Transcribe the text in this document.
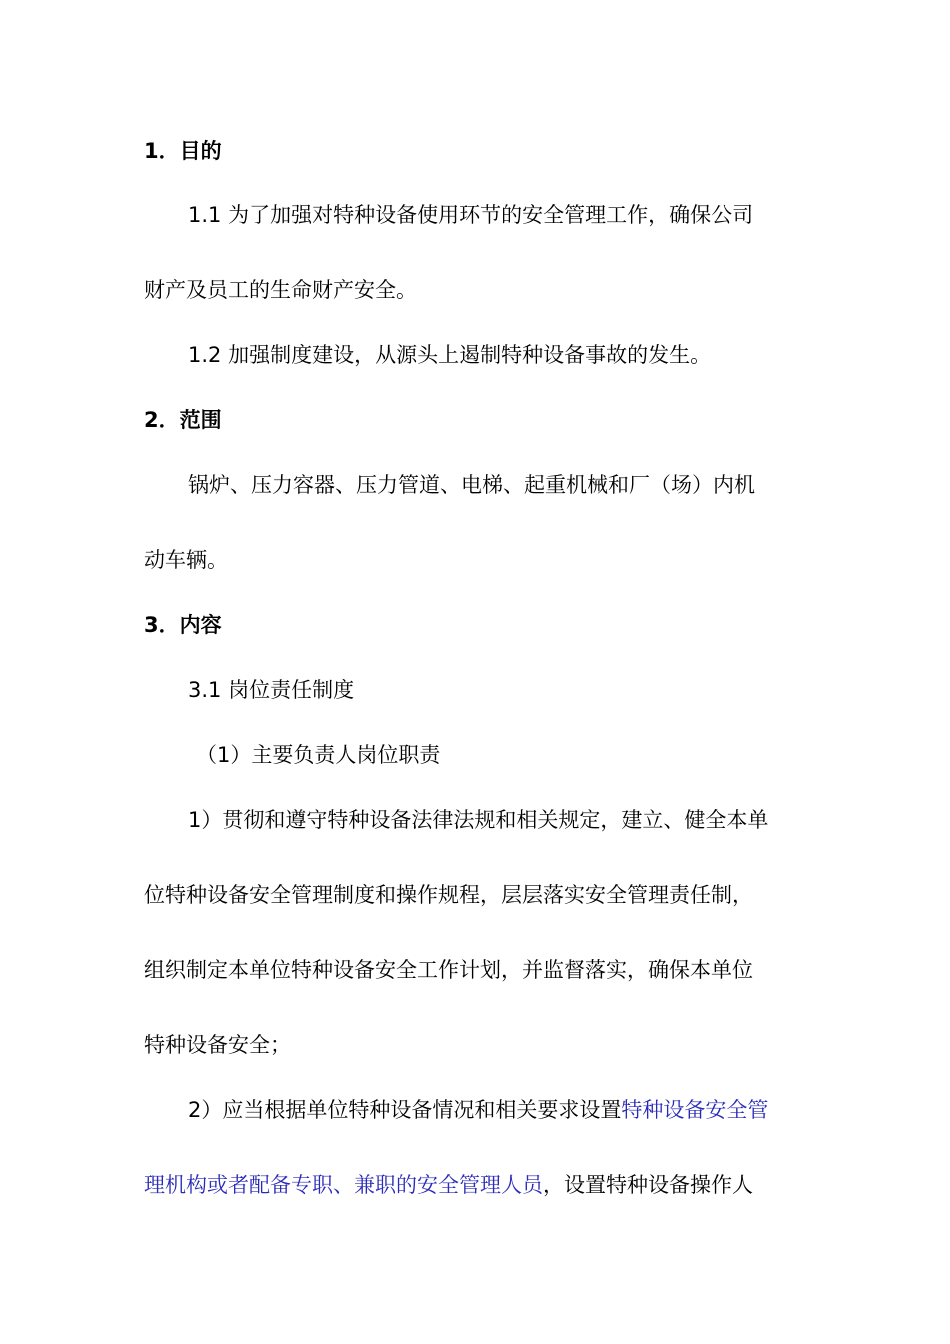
1．目的
1.1 为了加强对特种设备使用环节的安全管理工作，确保公司
财产及员工的生命财产安全。
1.2 加强制度建设，从源头上遏制特种设备事故的发生。
2．范围
锅炉、压力容器、压力管道、电梯、起重机械和厂（场）内机
动车辆。
3．内容
3.1 岗位责任制度
（1）主要负责人岗位职责
1）贯彻和遵守特种设备法律法规和相关规定，建立、健全本单
位特种设备安全管理制度和操作规程，层层落实安全管理责任制，
组织制定本单位特种设备安全工作计划，并监督落实，确保本单位
特种设备安全；
2）应当根据单位特种设备情况和相关要求设置特种设备安全管
理机构或者配备专职、兼职的安全管理人员，设置特种设备操作人
